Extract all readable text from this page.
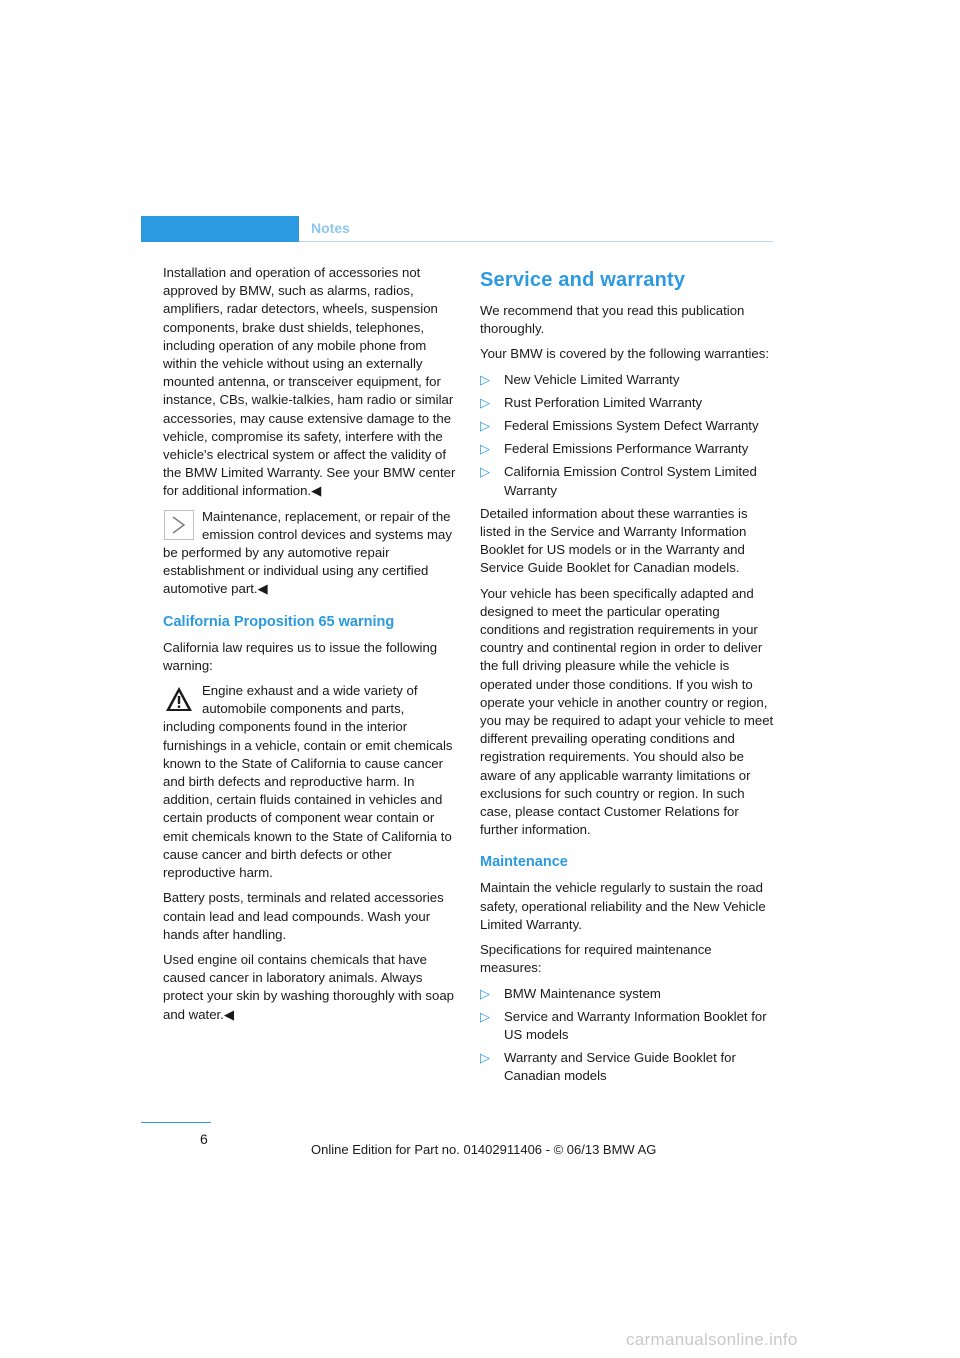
Notes

Installation and operation of accessories not approved by BMW, such as alarms, radios, amplifiers, radar detectors, wheels, suspension components, brake dust shields, telephones, including operation of any mobile phone from within the vehicle without using an externally mounted antenna, or transceiver equipment, for instance, CBs, walkie-talkies, ham radio or similar accessories, may cause extensive damage to the vehicle, compromise its safety, interfere with the vehicle's electrical system or affect the validity of the BMW Limited Warranty. See your BMW center for additional information.◀

Maintenance, replacement, or repair of the emission control devices and systems may be performed by any automotive repair establishment or individual using any certified automotive part.◀
California Proposition 65 warning

California law requires us to issue the following warning:

Engine exhaust and a wide variety of automobile components and parts, including components found in the interior furnishings in a vehicle, contain or emit chemicals known to the State of California to cause cancer and birth defects and reproductive harm. In addition, certain fluids contained in vehicles and certain products of component wear contain or emit chemicals known to the State of California to cause cancer and birth defects or other reproductive harm.

Battery posts, terminals and related accessories contain lead and lead compounds. Wash your hands after handling.

Used engine oil contains chemicals that have caused cancer in laboratory animals. Always protect your skin by washing thoroughly with soap and water.◀

Service and warranty

We recommend that you read this publication thoroughly.

Your BMW is covered by the following warranties:

▷ New Vehicle Limited Warranty
▷ Rust Perforation Limited Warranty
▷ Federal Emissions System Defect Warranty
▷ Federal Emissions Performance Warranty
▷ California Emission Control System Limited Warranty

Detailed information about these warranties is listed in the Service and Warranty Information Booklet for US models or in the Warranty and Service Guide Booklet for Canadian models.

Your vehicle has been specifically adapted and designed to meet the particular operating conditions and registration requirements in your country and continental region in order to deliver the full driving pleasure while the vehicle is operated under those conditions. If you wish to operate your vehicle in another country or region, you may be required to adapt your vehicle to meet different prevailing operating conditions and registration requirements. You should also be aware of any applicable warranty limitations or exclusions for such country or region. In such case, please contact Customer Relations for further information.

Maintenance

Maintain the vehicle regularly to sustain the road safety, operational reliability and the New Vehicle Limited Warranty.

Specifications for required maintenance measures:

▷ BMW Maintenance system
▷ Service and Warranty Information Booklet for US models
▷ Warranty and Service Guide Booklet for Canadian models
6
Online Edition for Part no. 01402911406 - © 06/13 BMW AG
carmanualsonline.info
